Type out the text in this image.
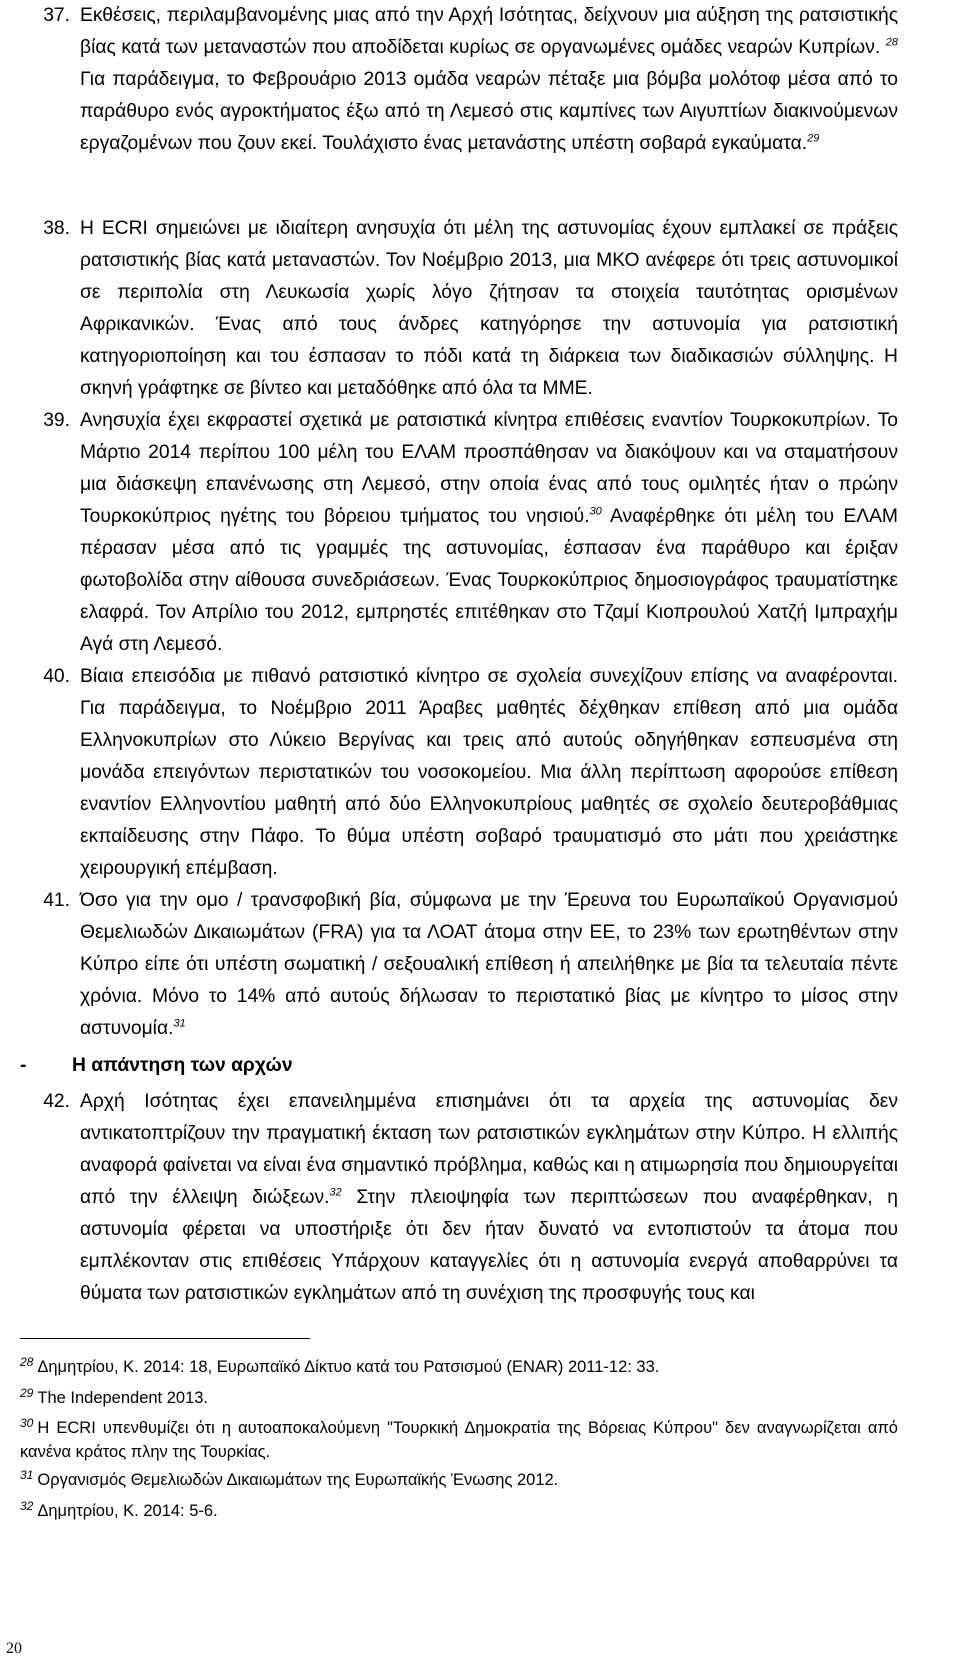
37. Εκθέσεις, περιλαμβανομένης μιας από την Αρχή Ισότητας, δείχνουν μια αύξηση της ρατσιστικής βίας κατά των μεταναστών που αποδίδεται κυρίως σε οργανωμένες ομάδες νεαρών Κυπρίων. $^{28}$ Για παράδειγμα, το Φεβρουάριο 2013 ομάδα νεαρών πέταξε μια βόμβα μολότοφ μέσα από το παράθυρο ενός αγροκτήματος έξω από τη Λεμεσό στις καμπίνες των Αιγυπτίων διακινούμενων εργαζομένων που ζουν εκεί. Τουλάχιστο ένας μετανάστης υπέστη σοβαρά εγκαύματα.$^{29}$
38. Η ECRI σημειώνει με ιδιαίτερη ανησυχία ότι μέλη της αστυνομίας έχουν εμπλακεί σε πράξεις ρατσιστικής βίας κατά μεταναστών. Τον Νοέμβριο 2013, μια ΜΚΟ ανέφερε ότι τρεις αστυνομικοί σε περιπολία στη Λευκωσία χωρίς λόγο ζήτησαν τα στοιχεία ταυτότητας ορισμένων Αφρικανικών. Ένας από τους άνδρες κατηγόρησε την αστυνομία για ρατσιστική κατηγοριοποίηση και του έσπασαν το πόδι κατά τη διάρκεια των διαδικασιών σύλληψης. Η σκηνή γράφτηκε σε βίντεο και μεταδόθηκε από όλα τα ΜΜΕ.
39. Ανησυχία έχει εκφραστεί σχετικά με ρατσιστικά κίνητρα επιθέσεις εναντίον Τουρκοκυπρίων. Το Μάρτιο 2014 περίπου 100 μέλη του ΕΛΑΜ προσπάθησαν να διακόψουν και να σταματήσουν μια διάσκεψη επανένωσης στη Λεμεσό, στην οποία ένας από τους ομιλητές ήταν ο πρώην Τουρκοκύπριος ηγέτης του βόρειου τμήματος του νησιού.$^{30}$ Αναφέρθηκε ότι μέλη του ΕΛΑΜ πέρασαν μέσα από τις γραμμές της αστυνομίας, έσπασαν ένα παράθυρο και έριξαν φωτοβολίδα στην αίθουσα συνεδριάσεων. Ένας Τουρκοκύπριος δημοσιογράφος τραυματίστηκε ελαφρά. Τον Απρίλιο του 2012, εμπρηστές επιτέθηκαν στο Τζαμί Κιοπρουλού Χατζή Ιμπραχήμ Αγά στη Λεμεσό.
40. Βίαια επεισόδια με πιθανό ρατσιστικό κίνητρο σε σχολεία συνεχίζουν επίσης να αναφέρονται. Για παράδειγμα, το Νοέμβριο 2011 Άραβες μαθητές δέχθηκαν επίθεση από μια ομάδα Ελληνοκυπρίων στο Λύκειο Βεργίνας και τρεις από αυτούς οδηγήθηκαν εσπευσμένα στη μονάδα επειγόντων περιστατικών του νοσοκομείου. Μια άλλη περίπτωση αφορούσε επίθεση εναντίον Ελληνοντίου μαθητή από δύο Ελληνοκυπρίους μαθητές σε σχολείο δευτεροβάθμιας εκπαίδευσης στην Πάφο. Το θύμα υπέστη σοβαρό τραυματισμό στο μάτι που χρειάστηκε χειρουργική επέμβαση.
41. Όσο για την ομο / τρανσφοβική βία, σύμφωνα με την Έρευνα του Ευρωπαϊκού Οργανισμού Θεμελιωδών Δικαιωμάτων (FRA) για τα ΛΟΑΤ άτομα στην ΕΕ, το 23% των ερωτηθέντων στην Κύπρο είπε ότι υπέστη σωματική / σεξουαλική επίθεση ή απειλήθηκε με βία τα τελευταία πέντε χρόνια. Μόνο το 14% από αυτούς δήλωσαν το περιστατικό βίας με κίνητρο το μίσος στην αστυνομία.$^{31}$
42. Αρχή Ισότητας έχει επανειλημμένα επισημάνει ότι τα αρχεία της αστυνομίας δεν αντικατοπτρίζουν την πραγματική έκταση των ρατσιστικών εγκλημάτων στην Κύπρο. Η ελλιπής αναφορά φαίνεται να είναι ένα σημαντικό πρόβλημα, καθώς και η ατιμωρησία που δημιουργείται από την έλλειψη διώξεων.$^{32}$ Στην πλειοψηφία των περιπτώσεων που αναφέρθηκαν, η αστυνομία φέρεται να υποστήριξε ότι δεν ήταν δυνατό να εντοπιστούν τα άτομα που εμπλέκονταν στις επιθέσεις Υπάρχουν καταγγελίες ότι η αστυνομία ενεργά αποθαρρύνει τα θύματα των ρατσιστικών εγκλημάτων από τη συνέχιση της προσφυγής τους και
- Η απάντηση των αρχών
$^{28}$ Δημητρίου, Κ. 2014: 18, Ευρωπαϊκό Δίκτυο κατά του Ρατσισμού (ENAR) 2011-12: 33.
$^{29}$ The Independent 2013.
$^{30}$ Η ECRI υπενθυμίζει ότι η αυτοαποκαλούμενη "Τουρκική Δημοκρατία της Βόρειας Κύπρου" δεν αναγνωρίζεται από κανένα κράτος πλην της Τουρκίας.
$^{31}$ Οργανισμός Θεμελιωδών Δικαιωμάτων της Ευρωπαϊκής Ένωσης 2012.
$^{32}$ Δημητρίου, Κ. 2014: 5-6.
20
